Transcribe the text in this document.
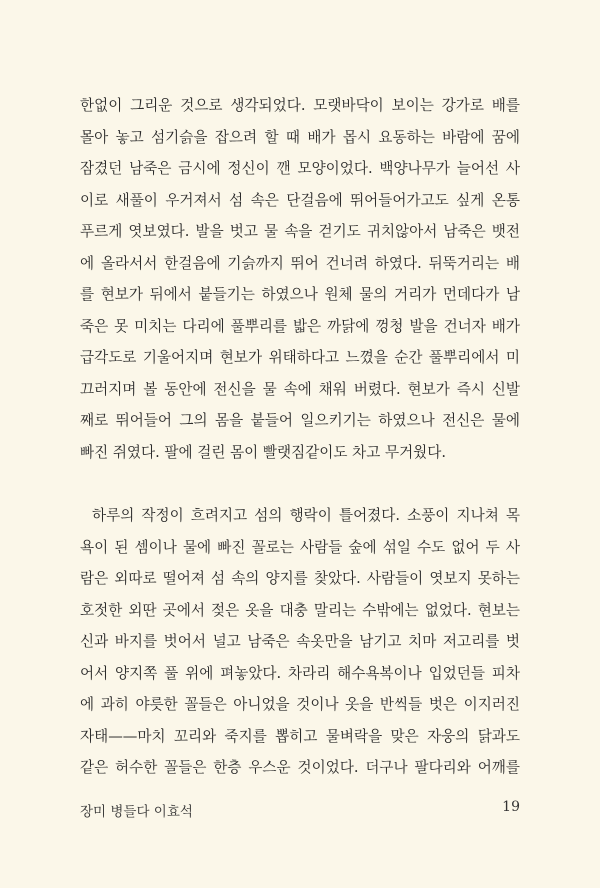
한없이 그리운 것으로 생각되었다. 모랫바닥이 보이는 강가로 배를
몰아 놓고 섬기슭을 잡으려 할 때 배가 몹시 요동하는 바람에 꿈에
잠겼던 남죽은 금시에 정신이 깬 모양이었다. 백양나무가 늘어선 사
이로 새풀이 우거져서 섬 속은 단걸음에 뛰어들어가고도 싶게 온통
푸르게 엿보였다. 발을 벗고 물 속을 걷기도 귀치않아서 남죽은 뱃전
에 올라서서 한걸음에 기슭까지 뛰어 건너려 하였다. 뒤뚝거리는 배
를 현보가 뒤에서 붙들기는 하였으나 원체 물의 거리가 먼데다가 남
죽은 못 미치는 다리에 풀뿌리를 밟은 까닭에 껑청 발을 건너자 배가
급각도로 기울어지며 현보가 위태하다고 느꼈을 순간 풀뿌리에서 미
끄러지며 볼 동안에 전신을 물 속에 채워 버렸다. 현보가 즉시 신발
째로 뛰어들어 그의 몸을 붙들어 일으키기는 하였으나 전신은 물에
빠진 쥐였다. 팔에 걸린 몸이 빨랫짐같이도 차고 무거웠다.
하루의 작정이 흐려지고 섬의 행락이 틀어졌다. 소풍이 지나쳐 목
욕이 된 셈이나 물에 빠진 꼴로는 사람들 숲에 섞일 수도 없어 두 사
람은 외따로 떨어져 섬 속의 양지를 찾았다. 사람들이 엿보지 못하는
호젓한 외딴 곳에서 젖은 옷을 대충 말리는 수밖에는 없었다. 현보는
신과 바지를 벗어서 널고 남죽은 속옷만을 남기고 치마 저고리를 벗
어서 양지쪽 풀 위에 펴놓았다. 차라리 해수욕복이나 입었던들 피차
에 과히 야릇한 꼴들은 아니었을 것이나 옷을 반씩들 벗은 이지러진
자태——마치 꼬리와 죽지를 뽑히고 물벼락을 맞은 자웅의 닭과도
같은 허수한 꼴들은 한층 우스운 것이었다. 더구나 팔다리와 어깨를
장미 병들다 이효석	19
